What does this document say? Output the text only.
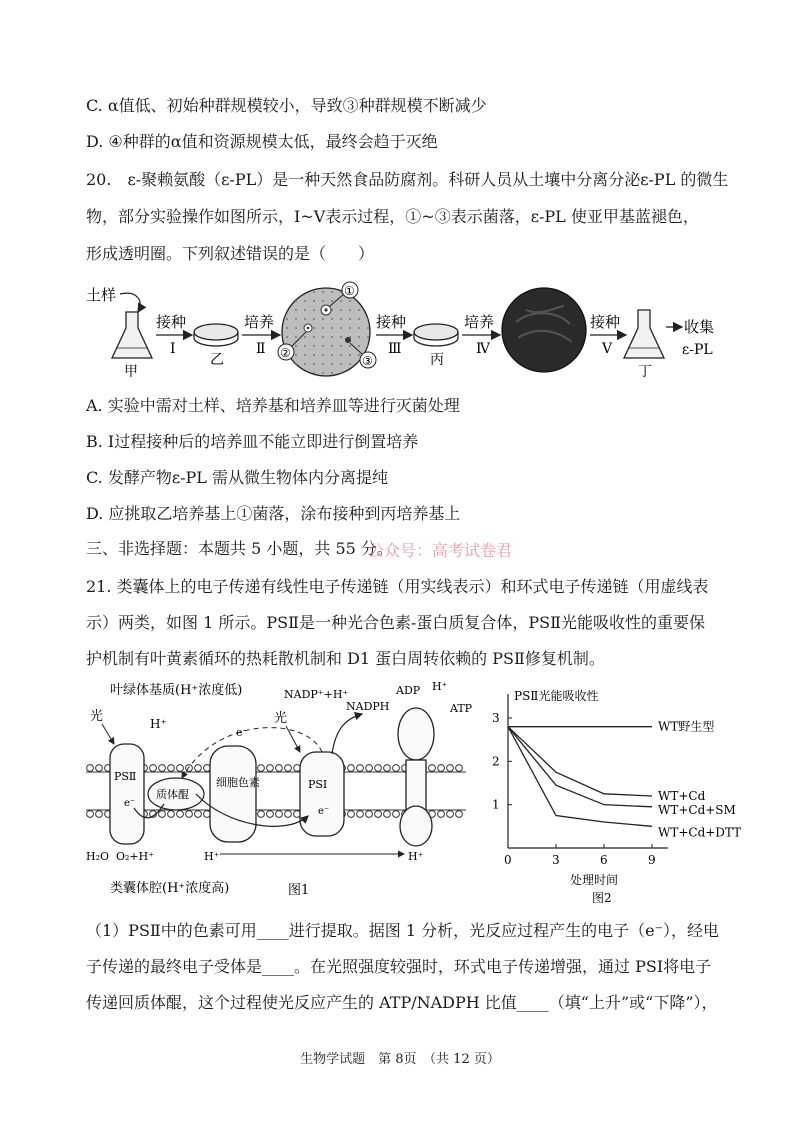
C. α值低、初始种群规模较小，导致③种群规模不断减少
D. ④种群的α值和资源规模太低，最终会趋于灭绝
20.　ε-聚赖氨酸（ε-PL）是一种天然食品防腐剂。科研人员从土壤中分离分泌ε-PL 的微生
物，部分实验操作如图所示，Ⅰ~Ⅴ表示过程，①~③表示菌落，ε-PL 使亚甲基蓝褪色，
形成透明圈。下列叙述错误的是（　　）
土样
甲
接种
Ⅰ
乙
培养
Ⅱ
①
②
③
接种
Ⅲ
丙
培养
Ⅳ
接种
Ⅴ
丁
收集
ε-PL
A. 实验中需对土样、培养基和培养皿等进行灭菌处理
B. Ⅰ过程接种后的培养皿不能立即进行倒置培养
C. 发酵产物ε-PL 需从微生物体内分离提纯
D. 应挑取乙培养基上①菌落，涂布接种到丙培养基上
三、非选择题：本题共 5 小题，共 55 分。
公众号：高考试卷君
21. 类囊体上的电子传递有线性电子传递链（用实线表示）和环式电子传递链（用虚线表
示）两类，如图 1 所示。PSⅡ是一种光合色素-蛋白质复合体，PSⅡ光能吸收性的重要保
护机制有叶黄素循环的热耗散机制和 D1 蛋白周转依赖的 PSⅡ修复机制。
叶绿体基质(H⁺浓度低)
PSⅡ
e⁻
质体醌
细胞色素	PSⅠ
e⁻
光	H⁺
e⁻
光
NADP⁺+H⁺
NADPH
ADP H⁺
ATP
H₂O O₂+H⁺	H⁺	H⁺
类囊体腔(H⁺浓度高)	图1
PSⅡ光能吸收性
0	3	6	9
1
2
3
WT野生型
WT+Cd
WT+Cd+SM
WT+Cd+DTT
处理时间
图2
（1）PSⅡ中的色素可用____进行提取。据图 1 分析，光反应过程产生的电子（e⁻），经电
子传递的最终电子受体是____。在光照强度较强时，环式电子传递增强，通过 PSⅠ将电子
传递回质体醌，这个过程使光反应产生的 ATP/NADPH 比值____（填“上升”或“下降”），
生物学试题　第 8页　（共 12 页）
